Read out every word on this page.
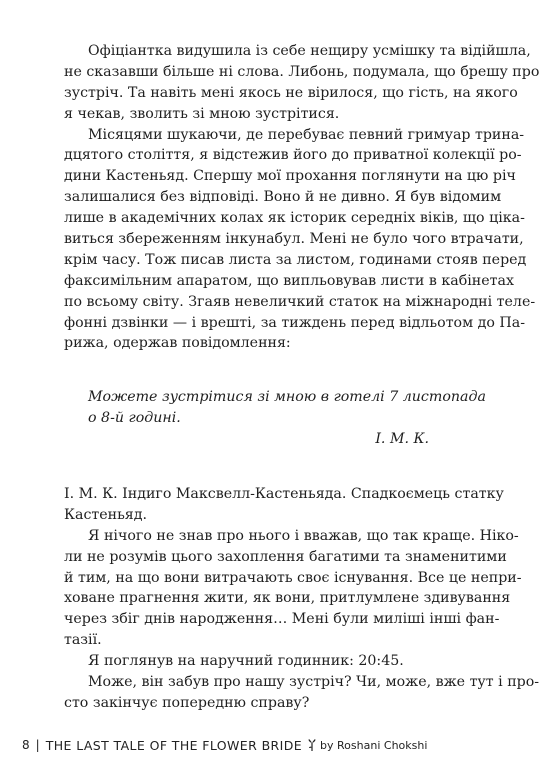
Офіціантка видушила із себе нещиру усмішку та відійшла,
не сказавши більше ні слова. Либонь, подумала, що брешу про
зустріч. Та навіть мені якось не вірилося, що гість, на якого
я чекав, зволить зі мною зустрітися.
Місяцями шукаючи, де перебуває певний гримуар трина-
дцятого століття, я відстежив його до приватної колекції ро-
дини Кастеньяд. Спершу мої прохання поглянути на цю річ
залишалися без відповіді. Воно й не дивно. Я був відомим
лише в академічних колах як історик середніх віків, що ціка-
виться збереженням інкунабул. Мені не було чого втрачати,
крім часу. Тож писав листа за листом, годинами стояв перед
факсимільним апаратом, що випльовував листи в кабінетах
по всьому світу. Згаяв невеличкий статок на міжнародні теле-
фонні дзвінки — і врешті, за тиждень перед відльотом до Па-
рижа, одержав повідомлення:
Можете зустрітися зі мною в готелі 7 листопада
о 8-й годині.
І. М. К.
І. М. К. Індиго Максвелл-Кастеньяда. Спадкоємець статку
Кастеньяд.
Я нічого не знав про нього і вважав, що так краще. Ніко-
ли не розумів цього захоплення багатими та знаменитими
й тим, на що вони витрачають своє існування. Все це непри-
ховане прагнення жити, як вони, притлумлене здивування
через збіг днів народження… Мені були миліші інші фан-
тазії.
Я поглянув на наручний годинник: 20:45.
Може, він забув про нашу зустріч? Чи, може, вже тут і про-
сто закінчує попередню справу?
8 | THE LAST TALE OF THE FLOWER BRIDE by Roshani Chokshi
